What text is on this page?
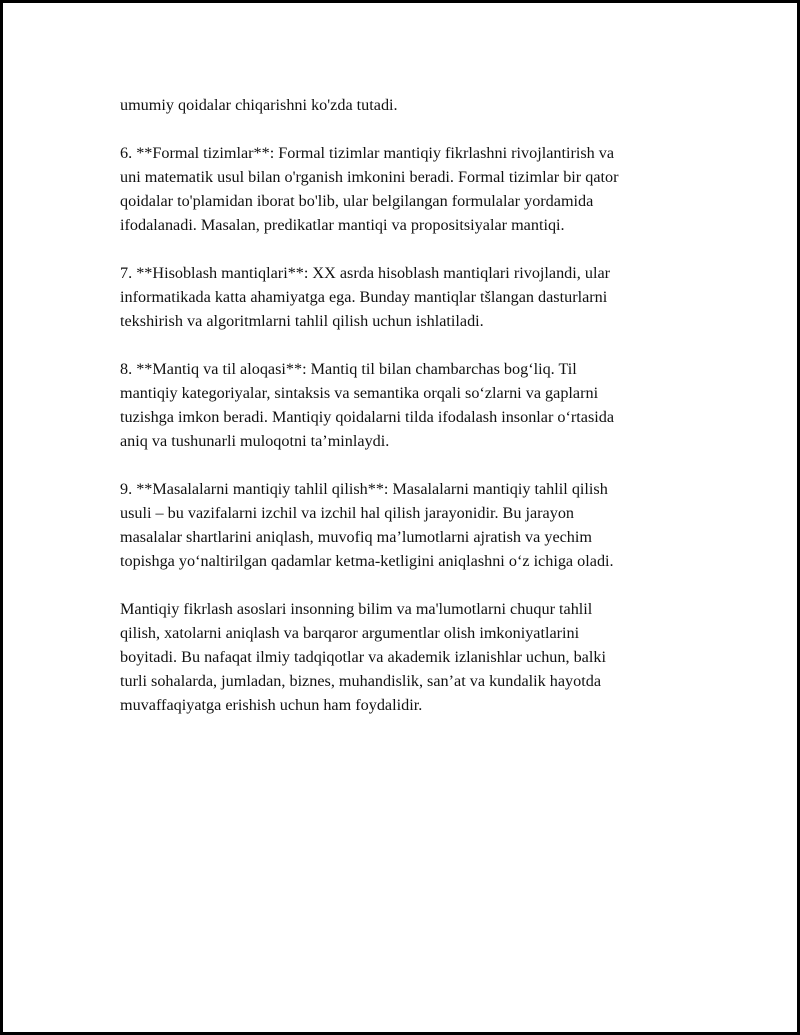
umumiy qoidalar chiqarishni ko'zda tutadi.

6. **Formal tizimlar**: Formal tizimlar mantiqiy fikrlashni rivojlantirish va
uni matematik usul bilan o'rganish imkonini beradi. Formal tizimlar bir qator
qoidalar to'plamidan iborat bo'lib, ular belgilangan formulalar yordamida
ifodalanadi. Masalan, predikatlar mantiqi va propositsiyalar mantiqi.

7. **Hisoblash mantiqlari**: XX asrda hisoblash mantiqlari rivojlandi, ular
informatikada katta ahamiyatga ega. Bunday mantiqlar tšlangan dasturlarni
tekshirish va algoritmlarni tahlil qilish uchun ishlatiladi.

8. **Mantiq va til aloqasi**: Mantiq til bilan chambarchas bog‘liq. Til
mantiqiy kategoriyalar, sintaksis va semantika orqali so‘zlarni va gaplarni
tuzishga imkon beradi. Mantiqiy qoidalarni tilda ifodalash insonlar o‘rtasida
aniq va tushunarli muloqotni ta’minlaydi.

9. **Masalalarni mantiqiy tahlil qilish**: Masalalarni mantiqiy tahlil qilish
usuli – bu vazifalarni izchil va izchil hal qilish jarayonidir. Bu jarayon
masalalar shartlarini aniqlash, muvofiq ma’lumotlarni ajratish va yechim
topishga yo‘naltirilgan qadamlar ketma-ketligini aniqlashni o‘z ichiga oladi.

Mantiqiy fikrlash asoslari insonning bilim va ma'lumotlarni chuqur tahlil
qilish, xatolarni aniqlash va barqaror argumentlar olish imkoniyatlarini
boyitadi. Bu nafaqat ilmiy tadqiqotlar va akademik izlanishlar uchun, balki
turli sohalarda, jumladan, biznes, muhandislik, san’at va kundalik hayotda
muvaffaqiyatga erishish uchun ham foydalidir.
